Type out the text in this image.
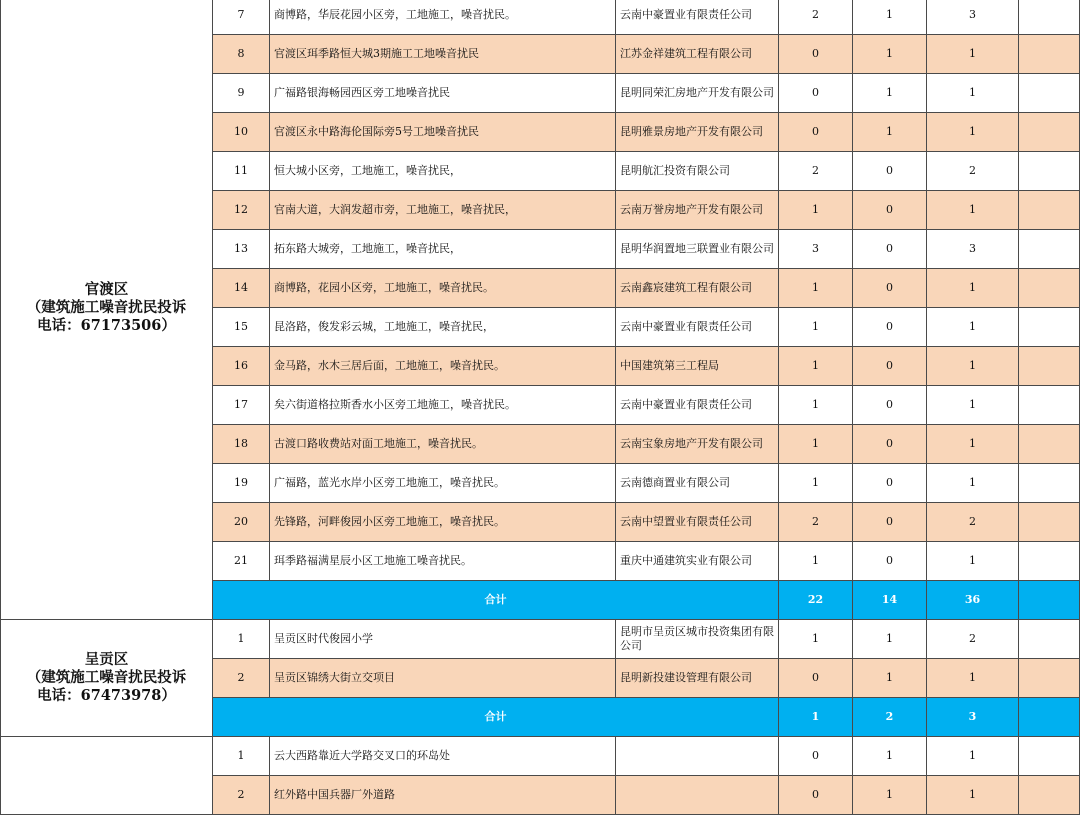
官渡区
（建筑施工噪音扰民投诉
电话：67173506）	7	商博路，华辰花园小区旁，工地施工，噪音扰民。	云南中豪置业有限责任公司	2	1	3	
	8	官渡区珥季路恒大城3期施工工地噪音扰民	江苏金祥建筑工程有限公司	0	1	1	
	9	广福路银海畅园西区旁工地噪音扰民	昆明同荣汇房地产开发有限公司	0	1	1	
	10	官渡区永中路海伦国际旁5号工地噪音扰民	昆明雅景房地产开发有限公司	0	1	1	
	11	恒大城小区旁，工地施工，噪音扰民，	昆明航汇投资有限公司	2	0	2	
	12	官南大道，大润发超市旁，工地施工，噪音扰民，	云南万誉房地产开发有限公司	1	0	1	
	13	拓东路大城旁，工地施工，噪音扰民，	昆明华润置地三联置业有限公司	3	0	3	
	14	商博路，花园小区旁，工地施工，噪音扰民。	云南鑫宸建筑工程有限公司	1	0	1	
	15	昆洛路，俊发彩云城，工地施工，噪音扰民，	云南中豪置业有限责任公司	1	0	1	
	16	金马路，水木三居后面，工地施工，噪音扰民。	中国建筑第三工程局	1	0	1	
	17	矣六街道格拉斯香水小区旁工地施工，噪音扰民。	云南中豪置业有限责任公司	1	0	1	
	18	古渡口路收费站对面工地施工，噪音扰民。	云南宝象房地产开发有限公司	1	0	1	
	19	广福路，蓝光水岸小区旁工地施工，噪音扰民。	云南德商置业有限公司	1	0	1	
	20	先锋路，河畔俊园小区旁工地施工，噪音扰民。	云南中望置业有限责任公司	2	0	2	
	21	珥季路福满星辰小区工地施工噪音扰民。	重庆中通建筑实业有限公司	1	0	1	
	合计			22	14	36	

呈贡区
（建筑施工噪音扰民投诉
电话：67473978）	1	呈贡区时代俊园小学	昆明市呈贡区城市投资集团有限公司	1	1	2	
	2	呈贡区锦绣大街立交项目	昆明新投建设管理有限公司	0	1	1	
	合计			1	2	3	

	1	云大西路靠近大学路交叉口的环岛处		0	1	1	
	2	红外路中国兵器厂外道路		0	1	1	
